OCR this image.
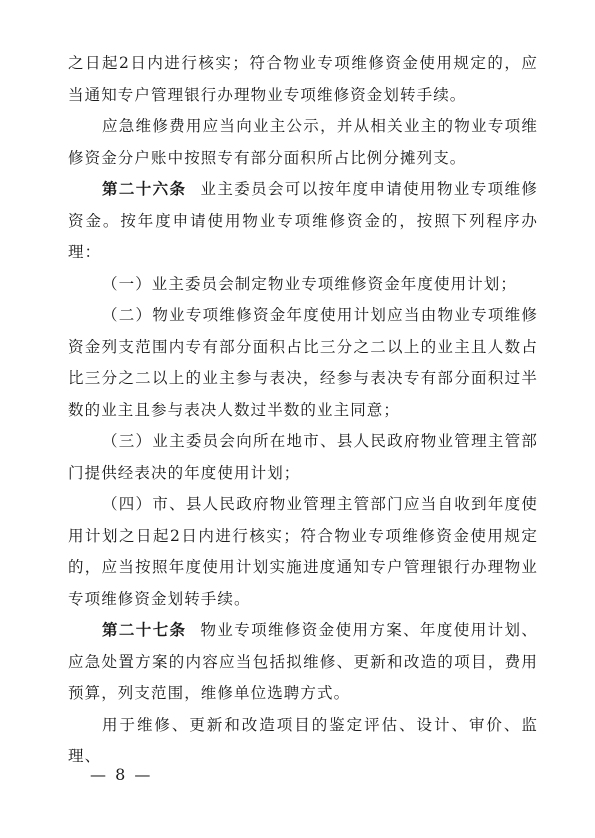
之日起2日内进行核实；符合物业专项维修资金使用规定的，应当通知专户管理银行办理物业专项维修资金划转手续。

应急维修费用应当向业主公示，并从相关业主的物业专项维修资金分户账中按照专有部分面积所占比例分摊列支。

第二十六条 业主委员会可以按年度申请使用物业专项维修资金。按年度申请使用物业专项维修资金的，按照下列程序办理：

（一）业主委员会制定物业专项维修资金年度使用计划；

（二）物业专项维修资金年度使用计划应当由物业专项维修资金列支范围内专有部分面积占比三分之二以上的业主且人数占比三分之二以上的业主参与表决，经参与表决专有部分面积过半数的业主且参与表决人数过半数的业主同意；

（三）业主委员会向所在地市、县人民政府物业管理主管部门提供经表决的年度使用计划；

（四）市、县人民政府物业管理主管部门应当自收到年度使用计划之日起2日内进行核实；符合物业专项维修资金使用规定的，应当按照年度使用计划实施进度通知专户管理银行办理物业专项维修资金划转手续。

第二十七条 物业专项维修资金使用方案、年度使用计划、应急处置方案的内容应当包括拟维修、更新和改造的项目，费用预算，列支范围，维修单位选聘方式。

用于维修、更新和改造项目的鉴定评估、设计、审价、监理、

— 8 —
